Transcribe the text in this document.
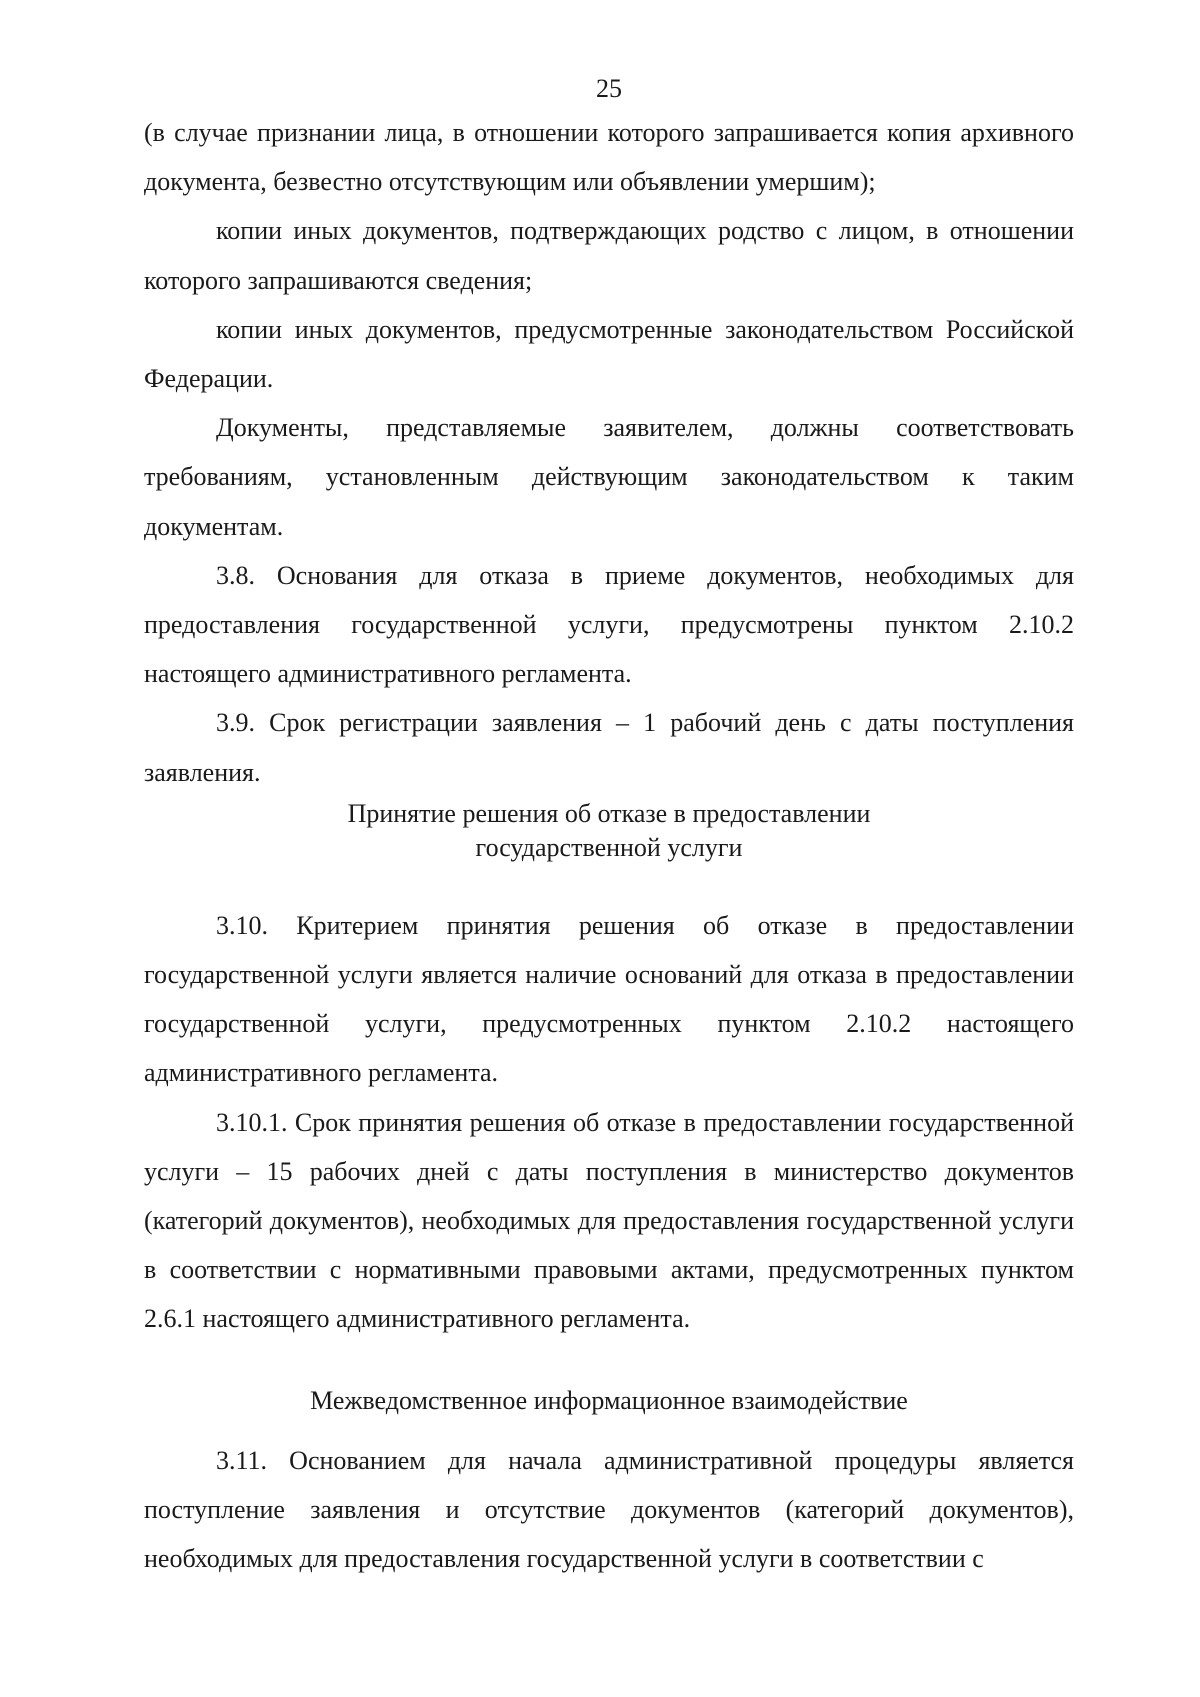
25

(в случае признании лица, в отношении которого запрашивается копия архивного документа, безвестно отсутствующим или объявлении умершим);

копии иных документов, подтверждающих родство с лицом, в отношении которого запрашиваются сведения;

копии иных документов, предусмотренные законодательством Российской Федерации.

Документы, представляемые заявителем, должны соответствовать требованиям, установленным действующим законодательством к таким документам.

3.8. Основания для отказа в приеме документов, необходимых для предоставления государственной услуги, предусмотрены пунктом 2.10.2 настоящего административного регламента.

3.9. Срок регистрации заявления – 1 рабочий день с даты поступления заявления.

Принятие решения об отказе в предоставлении
государственной услуги

3.10. Критерием принятия решения об отказе в предоставлении государственной услуги является наличие оснований для отказа в предоставлении государственной услуги, предусмотренных пунктом 2.10.2 настоящего административного регламента.

3.10.1. Срок принятия решения об отказе в предоставлении государственной услуги – 15 рабочих дней с даты поступления в министерство документов (категорий документов), необходимых для предоставления государственной услуги в соответствии с нормативными правовыми актами, предусмотренных пунктом 2.6.1 настоящего административного регламента.

Межведомственное информационное взаимодействие

3.11. Основанием для начала административной процедуры является поступление заявления и отсутствие документов (категорий документов), необходимых для предоставления государственной услуги в соответствии с
